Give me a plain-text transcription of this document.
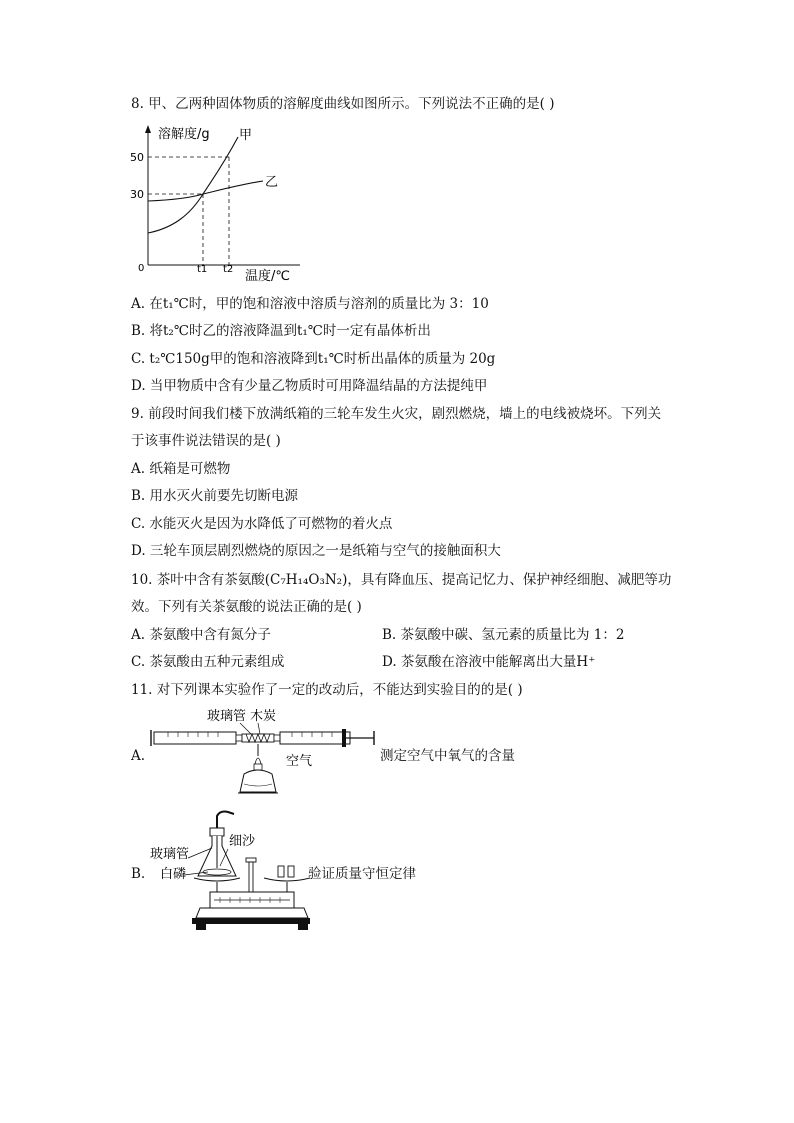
8. 甲、乙两种固体物质的溶解度曲线如图所示。下列说法不正确的是( )
溶解度/g 甲
乙
50
30
0	t1 t2 温度/℃
A. 在t₁℃时，甲的饱和溶液中溶质与溶剂的质量比为 3：10
B. 将t₂℃时乙的溶液降温到t₁℃时一定有晶体析出
C. t₂℃150g甲的饱和溶液降到t₁℃时析出晶体的质量为 20g
D. 当甲物质中含有少量乙物质时可用降温结晶的方法提纯甲
9. 前段时间我们楼下放满纸箱的三轮车发生火灾，剧烈燃烧，墙上的电线被烧坏。下列关
于该事件说法错误的是( )
A. 纸箱是可燃物
B. 用水灭火前要先切断电源
C. 水能灭火是因为水降低了可燃物的着火点
D. 三轮车顶层剧烈燃烧的原因之一是纸箱与空气的接触面积大
10. 茶叶中含有茶氨酸(C₇H₁₄O₃N₂)，具有降血压、提高记忆力、保护神经细胞、减肥等功
效。下列有关茶氨酸的说法正确的是( )
A. 茶氨酸中含有氮分子	B. 茶氨酸中碳、氢元素的质量比为 1：2
C. 茶氨酸由五种元素组成	D. 茶氨酸在溶液中能解离出大量H⁺
11. 对下列课本实验作了一定的改动后，不能达到实验目的的是( )
A.
玻璃管 木炭
空气	测定空气中氧气的含量
B.
细沙
玻璃管
白磷	验证质量守恒定律
